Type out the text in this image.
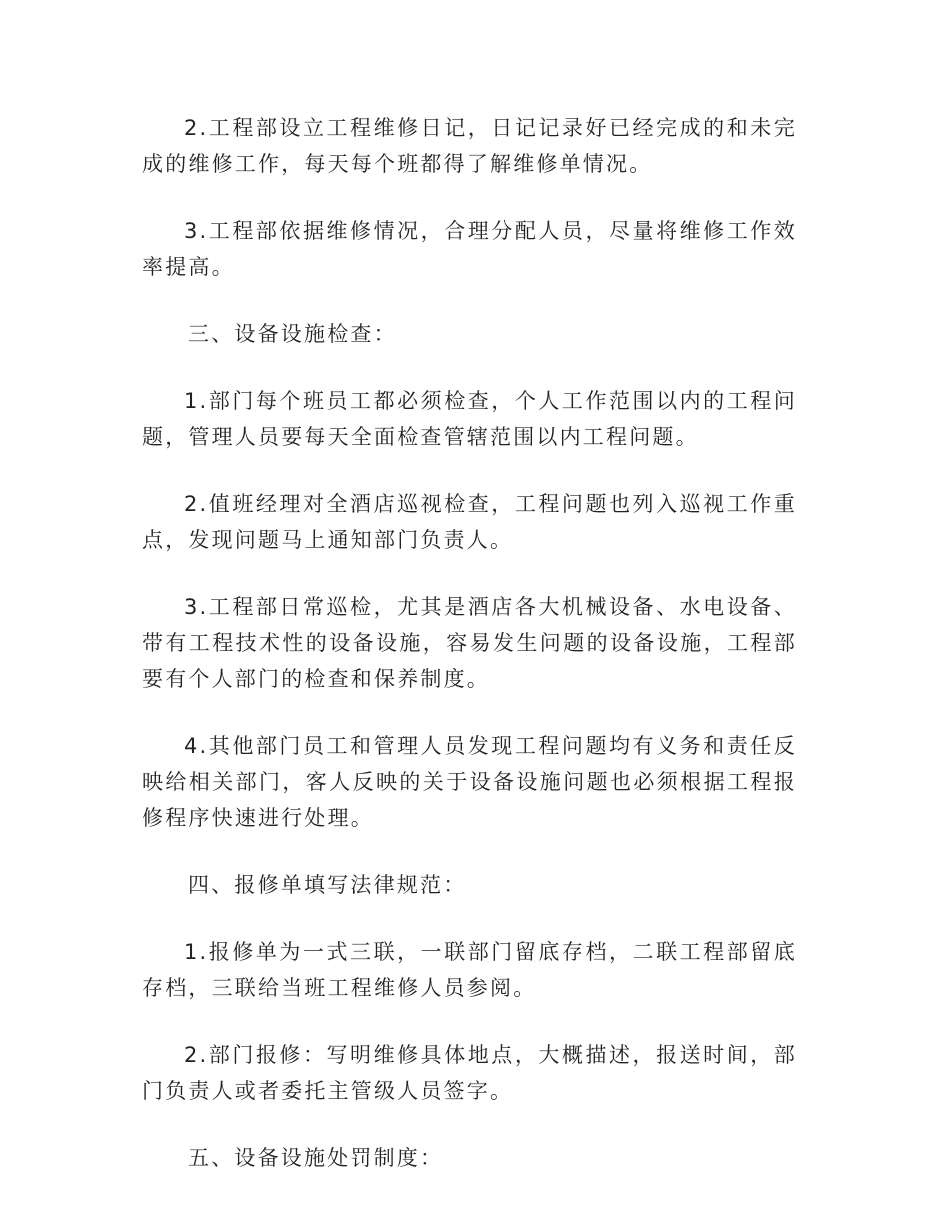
2.工程部设立工程维修日记，日记记录好已经完成的和未完成的维修工作，每天每个班都得了解维修单情况。

3.工程部依据维修情况，合理分配人员，尽量将维修工作效率提高。

三、设备设施检查：

1.部门每个班员工都必须检查，个人工作范围以内的工程问题，管理人员要每天全面检查管辖范围以内工程问题。

2.值班经理对全酒店巡视检查，工程问题也列入巡视工作重点，发现问题马上通知部门负责人。

3.工程部日常巡检，尤其是酒店各大机械设备、水电设备、带有工程技术性的设备设施，容易发生问题的设备设施，工程部要有个人部门的检查和保养制度。

4.其他部门员工和管理人员发现工程问题均有义务和责任反映给相关部门，客人反映的关于设备设施问题也必须根据工程报修程序快速进行处理。

四、报修单填写法律规范：

1.报修单为一式三联，一联部门留底存档，二联工程部留底存档，三联给当班工程维修人员参阅。

2.部门报修：写明维修具体地点，大概描述，报送时间，部门负责人或者委托主管级人员签字。

五、设备设施处罚制度：
